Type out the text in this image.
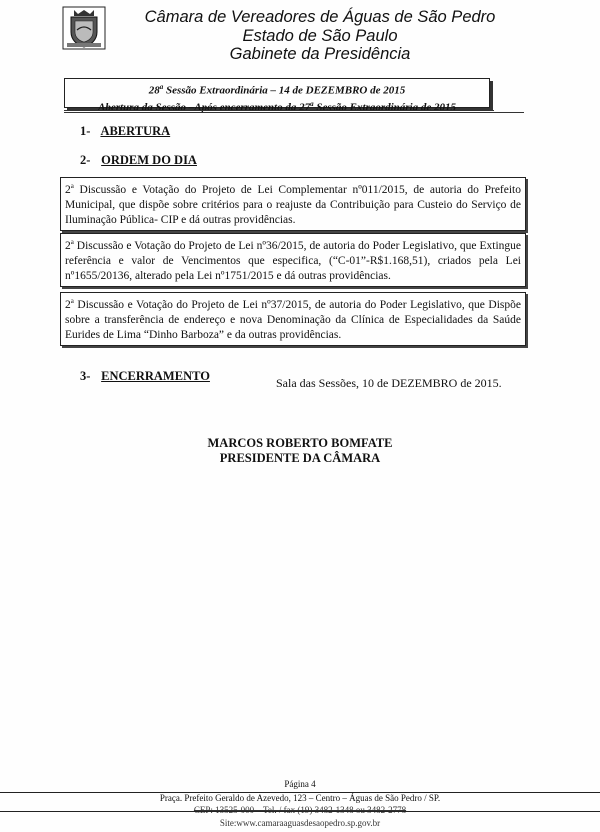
Câmara de Vereadores de Águas de São Pedro
Estado de São Paulo
Gabinete da Presidência
28$^a$ Sessão Extraordinária – 14 de DEZEMBRO de 2015
Abertura da Sessão –Após encerramento da 27$^a$ Sessão Extraordinária de 2015
1- ABERTURA
2- ORDEM DO DIA
2$^a$ Discussão e Votação do Projeto de Lei Complementar nº011/2015, de autoria do Prefeito Municipal, que dispõe sobre critérios para o reajuste da Contribuição para Custeio do Serviço de Iluminação Pública- CIP e dá outras providências.
2$^a$ Discussão e Votação do Projeto de Lei nº36/2015, de autoria do Poder Legislativo, que Extingue referência e valor de Vencimentos que especifica, (“C-01”-R$1.168,51), criados pela Lei nº1655/20136, alterado pela Lei nº1751/2015 e dá outras providências.
2$^a$ Discussão e Votação do Projeto de Lei nº37/2015, de autoria do Poder Legislativo, que Dispõe sobre a transferência de endereço e nova Denominação da Clínica de Especialidades da Saúde Eurides de Lima “Dinho Barboza” e da outras providências.
3- ENCERRAMENTO	Sala das Sessões, 10 de DEZEMBRO de 2015.
MARCOS ROBERTO BOMFATE
PRESIDENTE DA CÂMARA
Página 4
Praça. Prefeito Geraldo de Azevedo, 123 – Centro – Águas de São Pedro / SP.
CEP: 13525-000 – Tel. / fax (19) 3482-1348 ou 3482-2778
Site:www.camaraaguasdesaopedro.sp.gov.br
